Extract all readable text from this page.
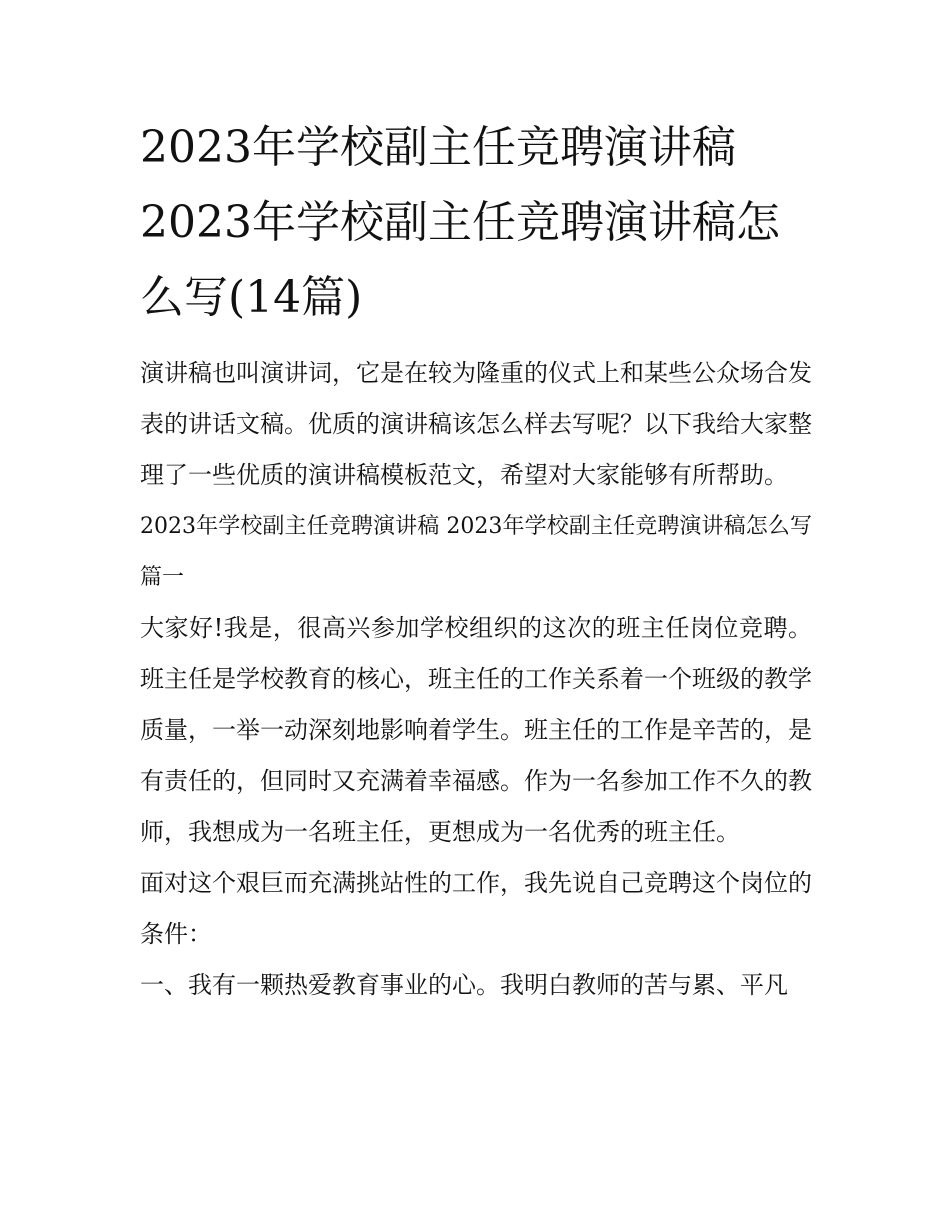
2023年学校副主任竞聘演讲稿 2023年学校副主任竞聘演讲稿怎么写(14篇)

演讲稿也叫演讲词，它是在较为隆重的仪式上和某些公众场合发表的讲话文稿。优质的演讲稿该怎么样去写呢？以下我给大家整理了一些优质的演讲稿模板范文，希望对大家能够有所帮助。

2023年学校副主任竞聘演讲稿 2023年学校副主任竞聘演讲稿怎么写篇一

大家好!我是，很高兴参加学校组织的这次的班主任岗位竞聘。班主任是学校教育的核心，班主任的工作关系着一个班级的教学质量，一举一动深刻地影响着学生。班主任的工作是辛苦的，是有责任的，但同时又充满着幸福感。作为一名参加工作不久的教师，我想成为一名班主任，更想成为一名优秀的班主任。

面对这个艰巨而充满挑站性的工作，我先说自己竞聘这个岗位的条件：

一、我有一颗热爱教育事业的心。我明白教师的苦与累、平凡
